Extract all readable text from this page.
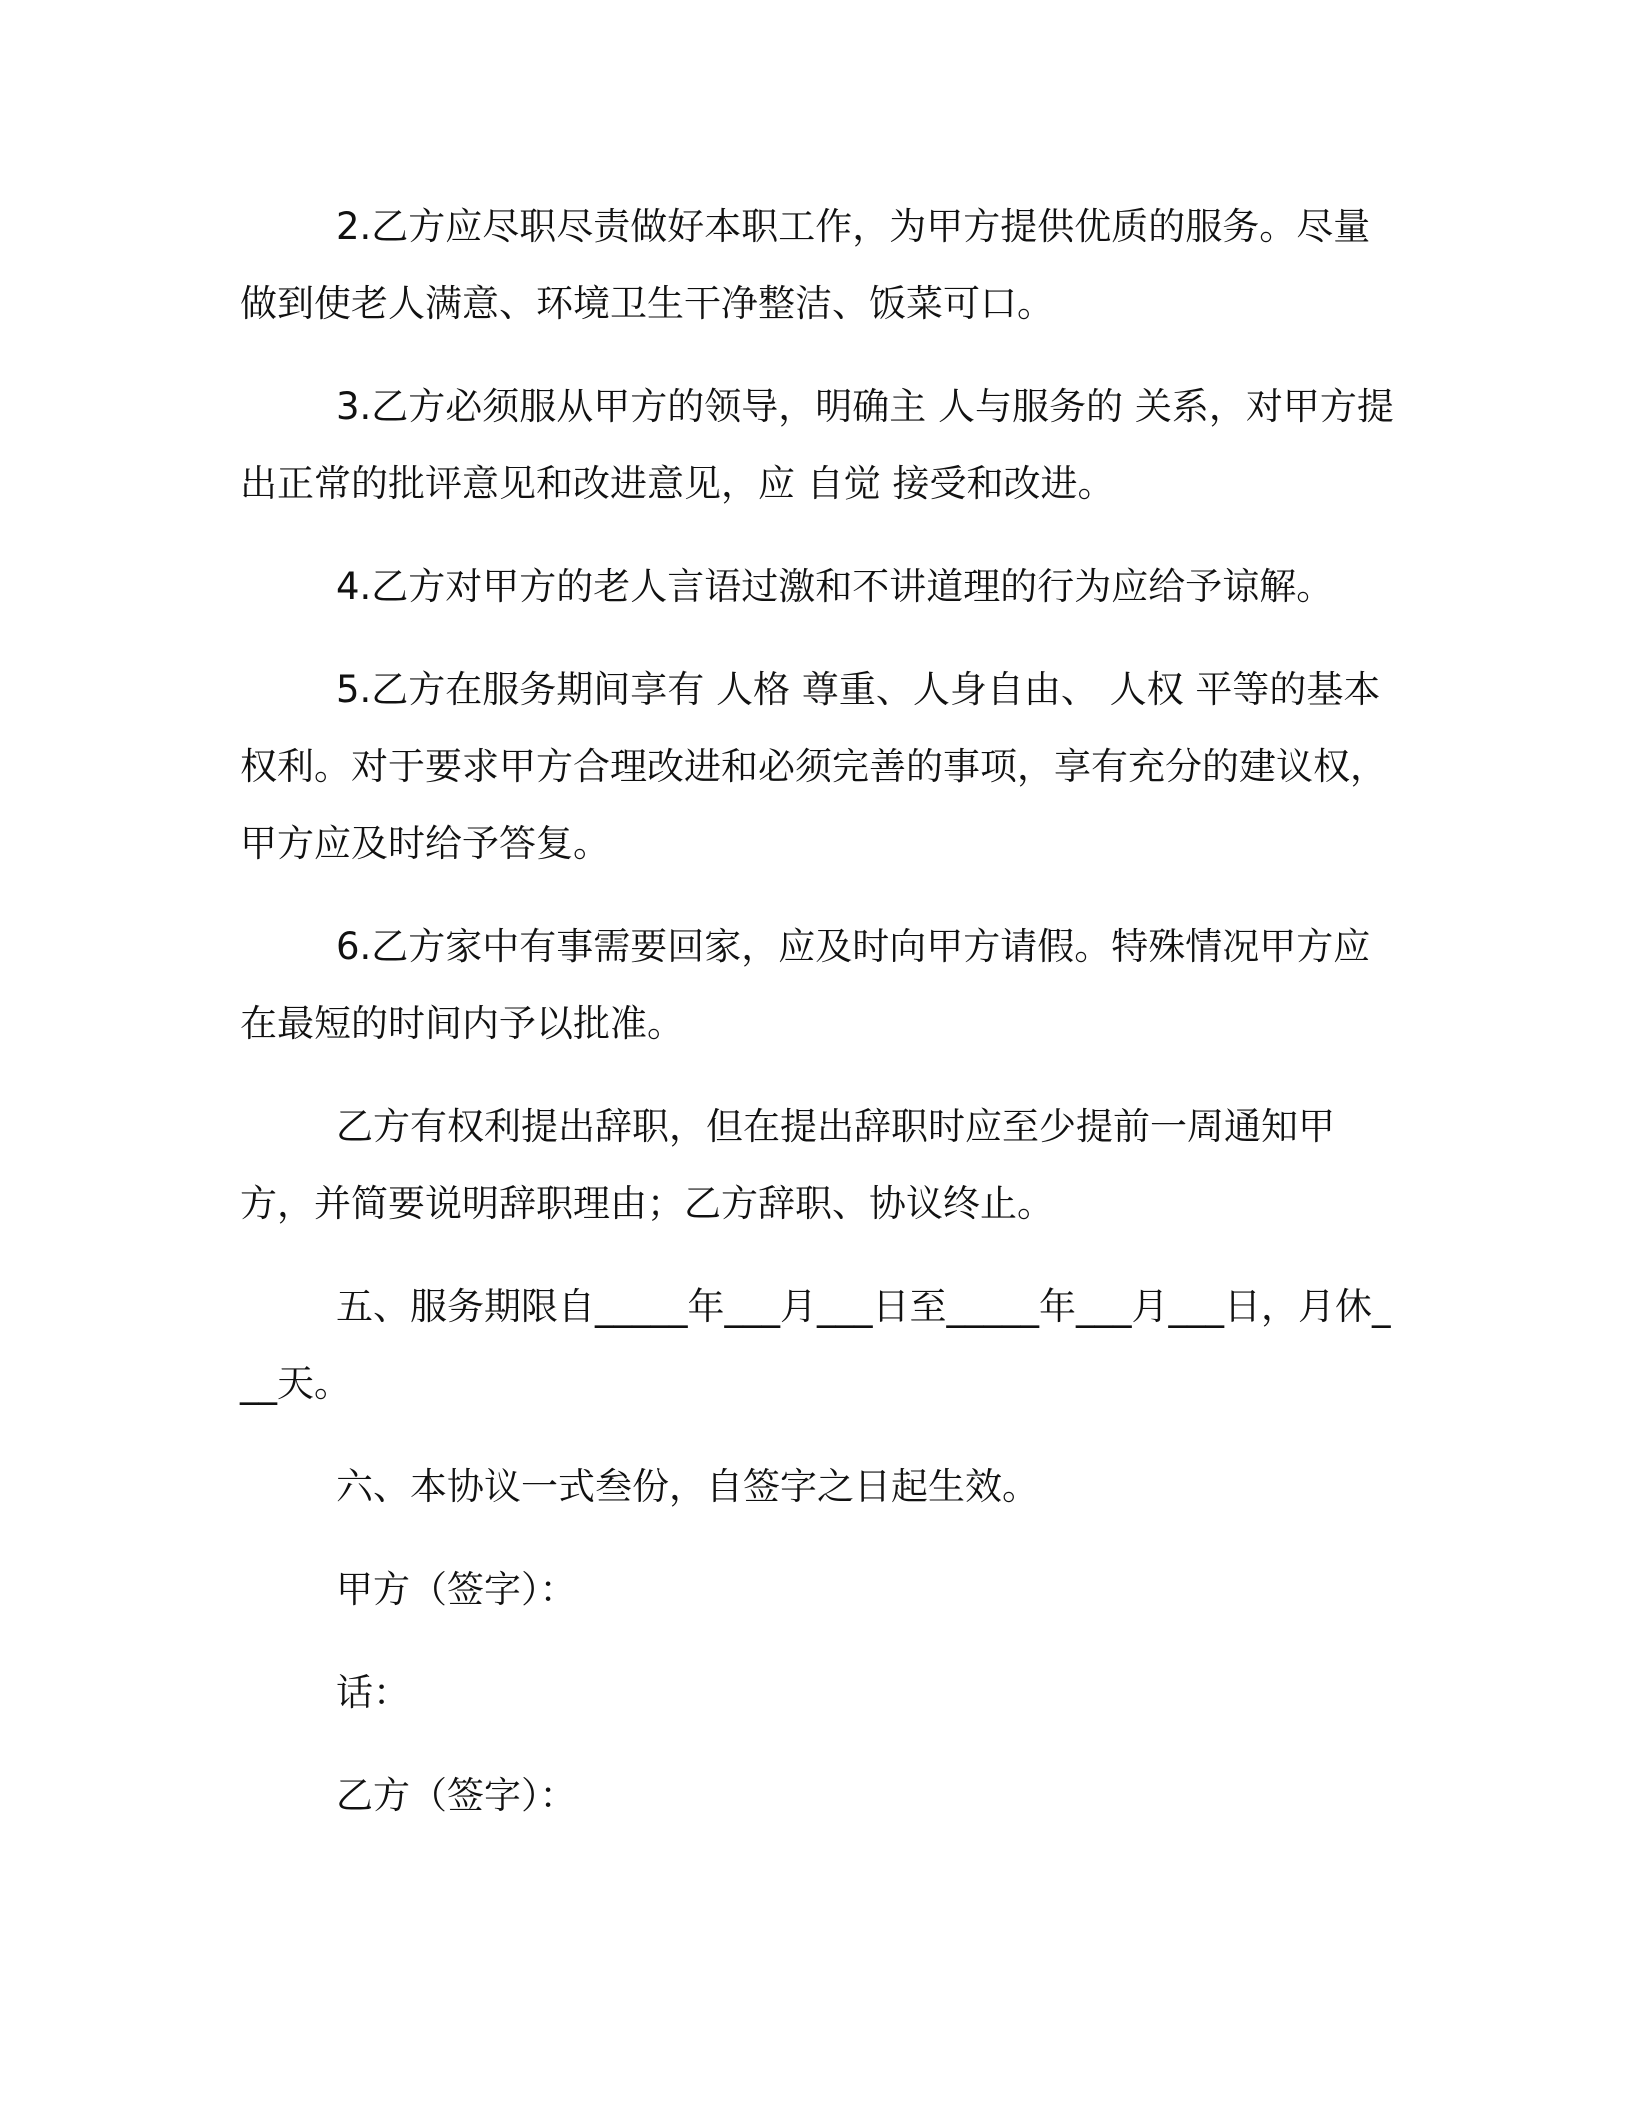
2.乙方应尽职尽责做好本职工作，为甲方提供优质的服务。尽量做到使老人满意、环境卫生干净整洁、饭菜可口。

3.乙方必须服从甲方的领导，明确主 人与服务的 关系，对甲方提出正常的批评意见和改进意见，应 自觉 接受和改进。

4.乙方对甲方的老人言语过激和不讲道理的行为应给予谅解。

5.乙方在服务期间享有 人格 尊重、人身自由、 人权 平等的基本权利。对于要求甲方合理改进和必须完善的事项，享有充分的建议权，甲方应及时给予答复。

6.乙方家中有事需要回家，应及时向甲方请假。特殊情况甲方应在最短的时间内予以批准。

乙方有权利提出辞职，但在提出辞职时应至少提前一周通知甲方，并简要说明辞职理由；乙方辞职、协议终止。

五、服务期限自_____年___月___日至_____年___月___日，月休___天。

六、本协议一式叁份，自签字之日起生效。

甲方（签字）：

话：

乙方（签字）：
